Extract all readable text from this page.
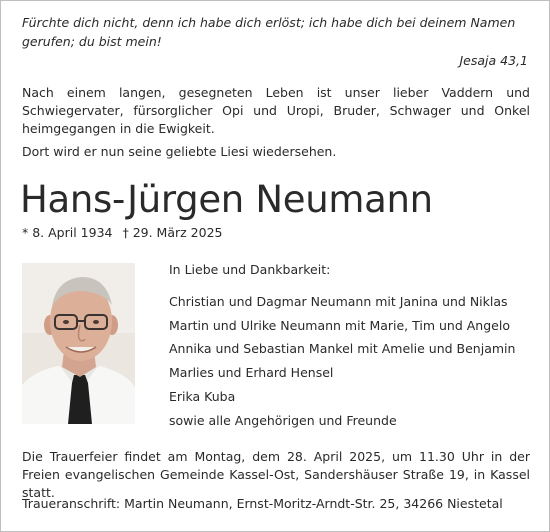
Fürchte dich nicht, denn ich habe dich erlöst; ich habe dich bei deinem Namen gerufen; du bist mein!
Jesaja 43,1
Nach einem langen, gesegneten Leben ist unser lieber Vaddern und Schwiegervater, fürsorglicher Opi und Uropi, Bruder, Schwager und Onkel heimgegangen in die Ewigkeit.
Dort wird er nun seine geliebte Liesi wiedersehen.
Hans-Jürgen Neumann
* 8. April 1934 † 29. März 2025
In Liebe und Dankbarkeit:
Christian und Dagmar Neumann mit Janina und Niklas
Martin und Ulrike Neumann mit Marie, Tim und Angelo
Annika und Sebastian Mankel mit Amelie und Benjamin
Marlies und Erhard Hensel
Erika Kuba
sowie alle Angehörigen und Freunde
Die Trauerfeier findet am Montag, dem 28. April 2025, um 11.30 Uhr in der Freien evangelischen Gemeinde Kassel-Ost, Sandershäuser Straße 19, in Kassel statt.
Traueranschrift: Martin Neumann, Ernst-Moritz-Arndt-Str. 25, 34266 Niestetal
